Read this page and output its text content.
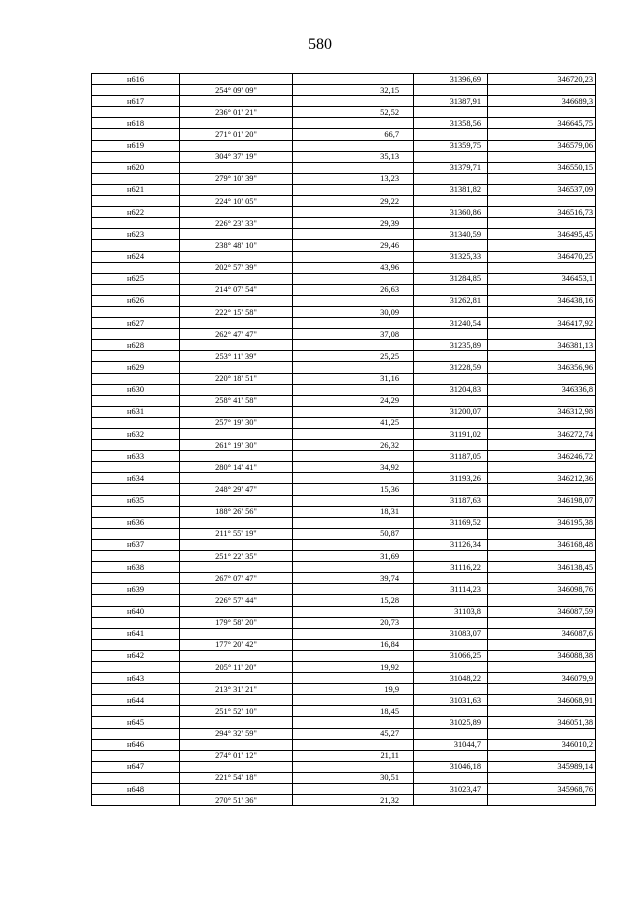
580
н616			31396,69	346720,23
	254° 09' 09"	32,15		
н617			31387,91	346689,3
	236° 01' 21"	52,52		
н618			31358,56	346645,75
	271° 01' 20"	66,7		
н619			31359,75	346579,06
	304° 37' 19"	35,13		
н620			31379,71	346550,15
	279° 10' 39"	13,23		
н621			31381,82	346537,09
	224° 10' 05"	29,22		
н622			31360,86	346516,73
	226° 23' 33"	29,39		
н623			31340,59	346495,45
	238° 48' 10"	29,46		
н624			31325,33	346470,25
	202° 57' 39"	43,96		
н625			31284,85	346453,1
	214° 07' 54"	26,63		
н626			31262,81	346438,16
	222° 15' 58"	30,09		
н627			31240,54	346417,92
	262° 47' 47"	37,08		
н628			31235,89	346381,13
	253° 11' 39"	25,25		
н629			31228,59	346356,96
	220° 18' 51"	31,16		
н630			31204,83	346336,8
	258° 41' 58"	24,29		
н631			31200,07	346312,98
	257° 19' 30"	41,25		
н632			31191,02	346272,74
	261° 19' 30"	26,32		
н633			31187,05	346246,72
	280° 14' 41"	34,92		
н634			31193,26	346212,36
	248° 29' 47"	15,36		
н635			31187,63	346198,07
	188° 26' 56"	18,31		
н636			31169,52	346195,38
	211° 55' 19"	50,87		
н637			31126,34	346168,48
	251° 22' 35"	31,69		
н638			31116,22	346138,45
	267° 07' 47"	39,74		
н639			31114,23	346098,76
	226° 57' 44"	15,28		
н640			31103,8	346087,59
	179° 58' 20"	20,73		
н641			31083,07	346087,6
	177° 20' 42"	16,84		
н642			31066,25	346088,38
	205° 11' 20"	19,92		
н643			31048,22	346079,9
	213° 31' 21"	19,9		
н644			31031,63	346068,91
	251° 52' 10"	18,45		
н645			31025,89	346051,38
	294° 32' 59"	45,27		
н646			31044,7	346010,2
	274° 01' 12"	21,11		
н647			31046,18	345989,14
	221° 54' 18"	30,51		
н648			31023,47	345968,76
	270° 51' 36"	21,32		
